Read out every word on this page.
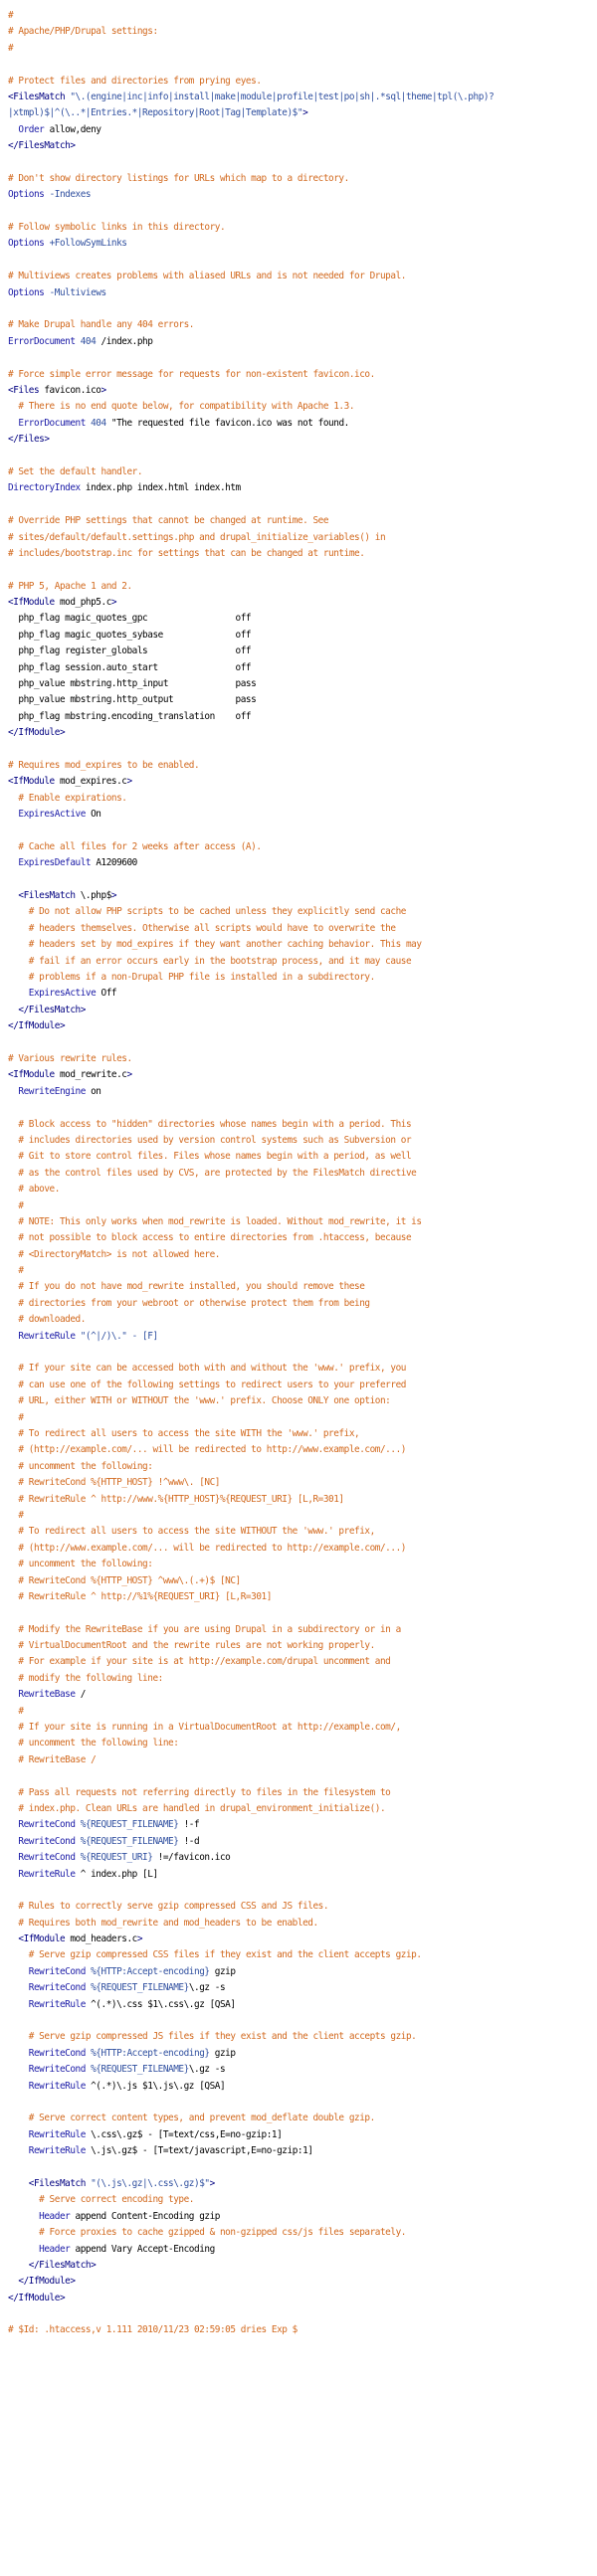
#
# Apache/PHP/Drupal settings:
#
# Protect files and directories from prying eyes.
<FilesMatch "\.(engine|inc|info|install|make|module|profile|test|po|sh|.*sql|theme|tpl(\.php)?
|xtmpl)$|^(\..*|Entries.*|Repository|Root|Tag|Template)$">
Order allow,deny
</FilesMatch>
# Don't show directory listings for URLs which map to a directory.
Options -Indexes
# Follow symbolic links in this directory.
Options +FollowSymLinks
# Multiviews creates problems with aliased URLs and is not needed for Drupal.
Options -Multiviews
# Make Drupal handle any 404 errors.
ErrorDocument 404 /index.php
# Force simple error message for requests for non-existent favicon.ico.
<Files favicon.ico>
# There is no end quote below, for compatibility with Apache 1.3.
ErrorDocument 404 "The requested file favicon.ico was not found.
</Files>
# Set the default handler.
DirectoryIndex index.php index.html index.htm
# Override PHP settings that cannot be changed at runtime. See
# sites/default/default.settings.php and drupal_initialize_variables() in
# includes/bootstrap.inc for settings that can be changed at runtime.
# PHP 5, Apache 1 and 2.
<IfModule mod_php5.c>
php_flag magic_quotes_gpc                 off
php_flag magic_quotes_sybase              off
php_flag register_globals                 off
php_flag session.auto_start               off
php_value mbstring.http_input             pass
php_value mbstring.http_output            pass
php_flag mbstring.encoding_translation    off
</IfModule>
# Requires mod_expires to be enabled.
<IfModule mod_expires.c>
# Enable expirations.
ExpiresActive On
# Cache all files for 2 weeks after access (A).
ExpiresDefault A1209600
<FilesMatch \.php$>
# Do not allow PHP scripts to be cached unless they explicitly send cache
# headers themselves. Otherwise all scripts would have to overwrite the
# headers set by mod_expires if they want another caching behavior. This may
# fail if an error occurs early in the bootstrap process, and it may cause
# problems if a non-Drupal PHP file is installed in a subdirectory.
ExpiresActive Off
</FilesMatch>
</IfModule>
# Various rewrite rules.
<IfModule mod_rewrite.c>
RewriteEngine on
# Block access to "hidden" directories whose names begin with a period. This
# includes directories used by version control systems such as Subversion or
# Git to store control files. Files whose names begin with a period, as well
# as the control files used by CVS, are protected by the FilesMatch directive
# above.
#
# NOTE: This only works when mod_rewrite is loaded. Without mod_rewrite, it is
# not possible to block access to entire directories from .htaccess, because
# <DirectoryMatch> is not allowed here.
#
# If you do not have mod_rewrite installed, you should remove these
# directories from your webroot or otherwise protect them from being
# downloaded.
RewriteRule "(^|/)\." - [F]
# If your site can be accessed both with and without the 'www.' prefix, you
# can use one of the following settings to redirect users to your preferred
# URL, either WITH or WITHOUT the 'www.' prefix. Choose ONLY one option:
#
# To redirect all users to access the site WITH the 'www.' prefix,
# (http://example.com/... will be redirected to http://www.example.com/...)
# uncomment the following:
# RewriteCond %{HTTP_HOST} !^www\. [NC]
# RewriteRule ^ http://www.%{HTTP_HOST}%{REQUEST_URI} [L,R=301]
#
# To redirect all users to access the site WITHOUT the 'www.' prefix,
# (http://www.example.com/... will be redirected to http://example.com/...)
# uncomment the following:
# RewriteCond %{HTTP_HOST} ^www\.(.+)$ [NC]
# RewriteRule ^ http://%1%{REQUEST_URI} [L,R=301]
# Modify the RewriteBase if you are using Drupal in a subdirectory or in a
# VirtualDocumentRoot and the rewrite rules are not working properly.
# For example if your site is at http://example.com/drupal uncomment and
# modify the following line:
RewriteBase /
#
# If your site is running in a VirtualDocumentRoot at http://example.com/,
# uncomment the following line:
# RewriteBase /
# Pass all requests not referring directly to files in the filesystem to
# index.php. Clean URLs are handled in drupal_environment_initialize().
RewriteCond %{REQUEST_FILENAME} !-f
RewriteCond %{REQUEST_FILENAME} !-d
RewriteCond %{REQUEST_URI} !=/favicon.ico
RewriteRule ^ index.php [L]
# Rules to correctly serve gzip compressed CSS and JS files.
# Requires both mod_rewrite and mod_headers to be enabled.
<IfModule mod_headers.c>
# Serve gzip compressed CSS files if they exist and the client accepts gzip.
RewriteCond %{HTTP:Accept-encoding} gzip
RewriteCond %{REQUEST_FILENAME}\.gz -s
RewriteRule ^(.*)\.css $1\.css\.gz [QSA]
# Serve gzip compressed JS files if they exist and the client accepts gzip.
RewriteCond %{HTTP:Accept-encoding} gzip
RewriteCond %{REQUEST_FILENAME}\.gz -s
RewriteRule ^(.*)\.js $1\.js\.gz [QSA]
# Serve correct content types, and prevent mod_deflate double gzip.
RewriteRule \.css\.gz$ - [T=text/css,E=no-gzip:1]
RewriteRule \.js\.gz$ - [T=text/javascript,E=no-gzip:1]
<FilesMatch "(\.js\.gz|\.css\.gz)$">
# Serve correct encoding type.
Header append Content-Encoding gzip
# Force proxies to cache gzipped & non-gzipped css/js files separately.
Header append Vary Accept-Encoding
</FilesMatch>
</IfModule>
</IfModule>
# $Id: .htaccess,v 1.111 2010/11/23 02:59:05 dries Exp $
